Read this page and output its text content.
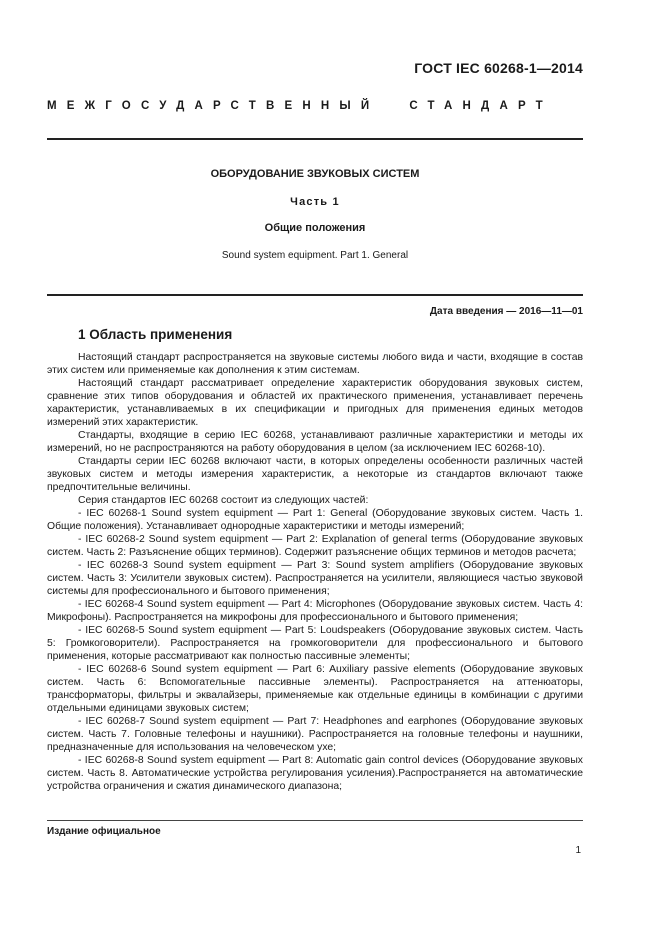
ГОСТ IEC 60268-1—2014
МЕЖГОСУДАРСТВЕННЫЙ	СТАНДАРТ
ОБОРУДОВАНИЕ ЗВУКОВЫХ СИСТЕМ
Часть 1
Общие положения
Sound system equipment. Part 1. General
Дата введения — 2016—11—01
1 Область применения

Настоящий стандарт распространяется на звуковые системы любого вида и части, входящие в состав этих систем или применяемые как дополнения к этим системам.

Настоящий стандарт рассматривает определение характеристик оборудования звуковых систем, сравнение этих типов оборудования и областей их практического применения, устанавливает перечень характеристик, устанавливаемых в их спецификации и пригодных для применения единых методов измерений этих характеристик.

Стандарты, входящие в серию IEC 60268, устанавливают различные характеристики и методы их измерений, но не распространяются на работу оборудования в целом (за исключением IEC 60268-10).

Стандарты серии IEC 60268 включают части, в которых определены особенности различных частей звуковых систем и методы измерения характеристик, а некоторые из стандартов включают также предпочтительные величины.

Серия стандартов IEC 60268 состоит из следующих частей:

- IEC 60268-1 Sound system equipment — Part 1: General (Оборудование звуковых систем. Часть 1. Общие положения). Устанавливает однородные характеристики и методы измерений;

- IEC 60268-2 Sound system equipment — Part 2: Explanation of general terms (Оборудование звуковых систем. Часть 2: Разъяснение общих терминов). Содержит разъяснение общих терминов и методов расчета;

- IEC 60268-3 Sound system equipment — Part 3: Sound system amplifiers (Оборудование звуковых систем. Часть 3: Усилители звуковых систем). Распространяется на усилители, являющиеся частью звуковой системы для профессионального и бытового применения;

- IEC 60268-4 Sound system equipment — Part 4: Microphones (Оборудование звуковых систем. Часть 4: Микрофоны). Распространяется на микрофоны для профессионального и бытового применения;

- IEC 60268-5 Sound system equipment — Part 5: Loudspeakers (Оборудование звуковых систем. Часть 5: Громкоговорители). Распространяется на громкоговорители для профессионального и бытового применения, которые рассматривают как полностью пассивные элементы;

- IEC 60268-6 Sound system equipment — Part 6: Auxiliary passive elements (Оборудование звуковых систем. Часть 6: Вспомогательные пассивные элементы). Распространяется на аттенюаторы, трансформаторы, фильтры и эквалайзеры, применяемые как отдельные единицы в комбинации с другими отдельными единицами звуковых систем;

- IEC 60268-7 Sound system equipment — Part 7: Headphones and earphones (Оборудование звуковых систем. Часть 7. Головные телефоны и наушники). Распространяется на головные телефоны и наушники, предназначенные для использования на человеческом ухе;

- IEC 60268-8 Sound system equipment — Part 8: Automatic gain control devices (Оборудование звуковых систем. Часть 8. Автоматические устройства регулирования усиления).Распространяется на автоматические устройства ограничения и сжатия динамического диапазона;

Издание официальное
1
